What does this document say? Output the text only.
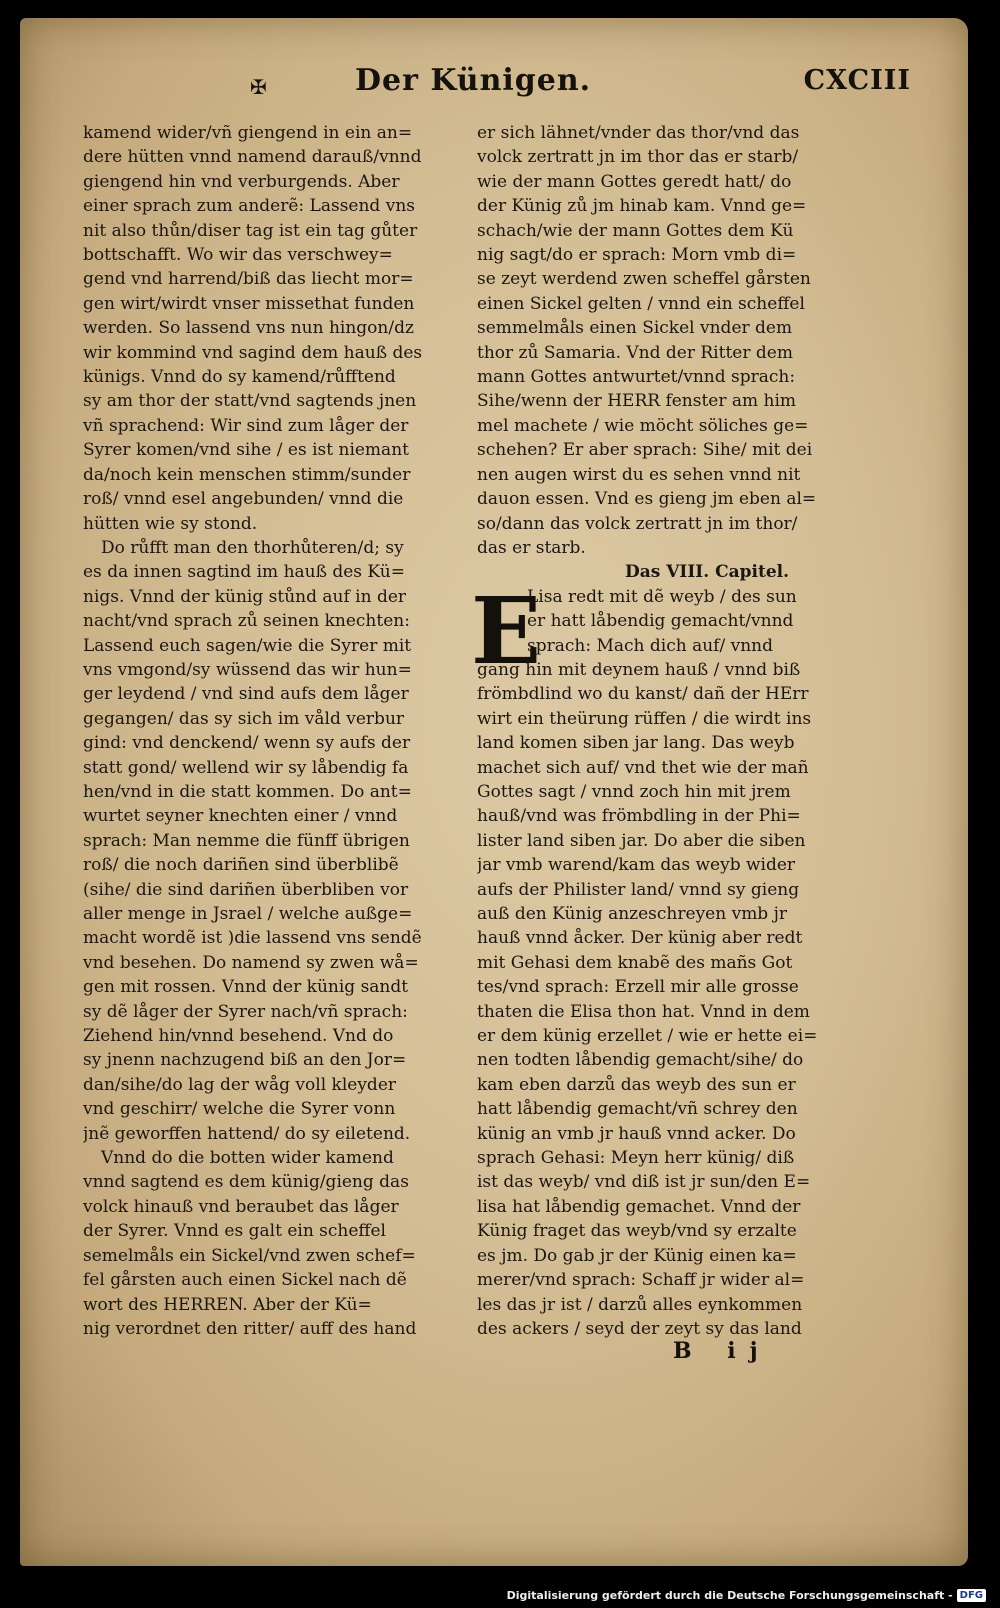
✠	Der Künigen.	CXCIII
kamend wider/vñ giengend in ein an=
dere hütten vnnd namend darauß/vnnd
giengend hin vnd verburgends. Aber
einer sprach zum anderẽ: Lassend vns
nit also thůn/diser tag ist ein tag gůter
bottschafft. Wo wir das verschwey=
gend vnd harrend/biß das liecht mor=
gen wirt/wirdt vnser missethat funden
werden. So lassend vns nun hingon/dz
wir kommind vnd sagind dem hauß des
künigs. Vnnd do sy kamend/růfftend
sy am thor der statt/vnd sagtends jnen
vñ sprachend: Wir sind zum låger der
Syrer komen/vnd sihe / es ist niemant
da/noch kein menschen stimm/sunder
roß/ vnnd esel angebunden/ vnnd die
hütten wie sy stond.
Do růfft man den thorhůteren/d; sy
es da innen sagtind im hauß des Kü=
nigs. Vnnd der künig stůnd auf in der
nacht/vnd sprach zů seinen knechten:
Lassend euch sagen/wie die Syrer mit
vns vmgond/sy wüssend das wir hun=
ger leydend / vnd sind aufs dem låger
gegangen/ das sy sich im våld verbur
gind: vnd denckend/ wenn sy aufs der
statt gond/ wellend wir sy låbendig fa
hen/vnd in die statt kommen. Do ant=
wurtet seyner knechten einer / vnnd
sprach: Man nemme die fünff übrigen
roß/ die noch dariñen sind überblibẽ
(sihe/ die sind dariñen überbliben vor
aller menge in Jsrael / welche außge=
macht wordẽ ist )die lassend vns sendẽ
vnd besehen. Do namend sy zwen wå=
gen mit rossen. Vnnd der künig sandt
sy dẽ låger der Syrer nach/vñ sprach:
Ziehend hin/vnnd besehend. Vnd do
sy jnenn nachzugend biß an den Jor=
dan/sihe/do lag der wåg voll kleyder
vnd geschirr/ welche die Syrer vonn
jnẽ geworffen hattend/ do sy eiletend.
Vnnd do die botten wider kamend
vnnd sagtend es dem künig/gieng das
volck hinauß vnd beraubet das låger
der Syrer. Vnnd es galt ein scheffel
semelmåls ein Sickel/vnd zwen schef=
fel gårsten auch einen Sickel nach dẽ
wort des HERREN. Aber der Kü=
nig verordnet den ritter/ auff des hand
er sich lähnet/vnder das thor/vnd das
volck zertratt jn im thor das er starb/
wie der mann Gottes geredt hatt/ do
der Künig zů jm hinab kam. Vnnd ge=
schach/wie der mann Gottes dem Kü
nig sagt/do er sprach: Morn vmb di=
se zeyt werdend zwen scheffel gårsten
einen Sickel gelten / vnnd ein scheffel
semmelmåls einen Sickel vnder dem
thor zů Samaria. Vnd der Ritter dem
mann Gottes antwurtet/vnnd sprach:
Sihe/wenn der HERR fenster am him
mel machete / wie möcht söliches ge=
schehen? Er aber sprach: Sihe/ mit dei
nen augen wirst du es sehen vnnd nit
dauon essen. Vnd es gieng jm eben al=
so/dann das volck zertratt jn im thor/
das er starb.
Das VIII. Capitel.
E
Lisa redt mit dẽ weyb / des sun
er hatt låbendig gemacht/vnnd
sprach: Mach dich auf/ vnnd
gang hin mit deynem hauß / vnnd biß
frömbdlind wo du kanst/ dañ der HErr
wirt ein theürung rüffen / die wirdt ins
land komen siben jar lang. Das weyb
machet sich auf/ vnd thet wie der mañ
Gottes sagt / vnnd zoch hin mit jrem
hauß/vnd was frömbdling in der Phi=
lister land siben jar. Do aber die siben
jar vmb warend/kam das weyb wider
aufs der Philister land/ vnnd sy gieng
auß den Künig anzeschreyen vmb jr
hauß vnnd åcker. Der künig aber redt
mit Gehasi dem knabẽ des mañs Got
tes/vnd sprach: Erzell mir alle grosse
thaten die Elisa thon hat. Vnnd in dem
er dem künig erzellet / wie er hette ei=
nen todten låbendig gemacht/sihe/ do
kam eben darzů das weyb des sun er
hatt låbendig gemacht/vñ schrey den
künig an vmb jr hauß vnnd acker. Do
sprach Gehasi: Meyn herr künig/ diß
ist das weyb/ vnd diß ist jr sun/den E=
lisa hat låbendig gemachet. Vnnd der
Künig fraget das weyb/vnd sy erzalte
es jm. Do gab jr der Künig einen ka=
merer/vnd sprach: Schaff jr wider al=
les das jr ist / darzů alles eynkommen
des ackers / seyd der zeyt sy das land
B ij
Digitalisierung gefördert durch die Deutsche Forschungsgemeinschaft - DFG
